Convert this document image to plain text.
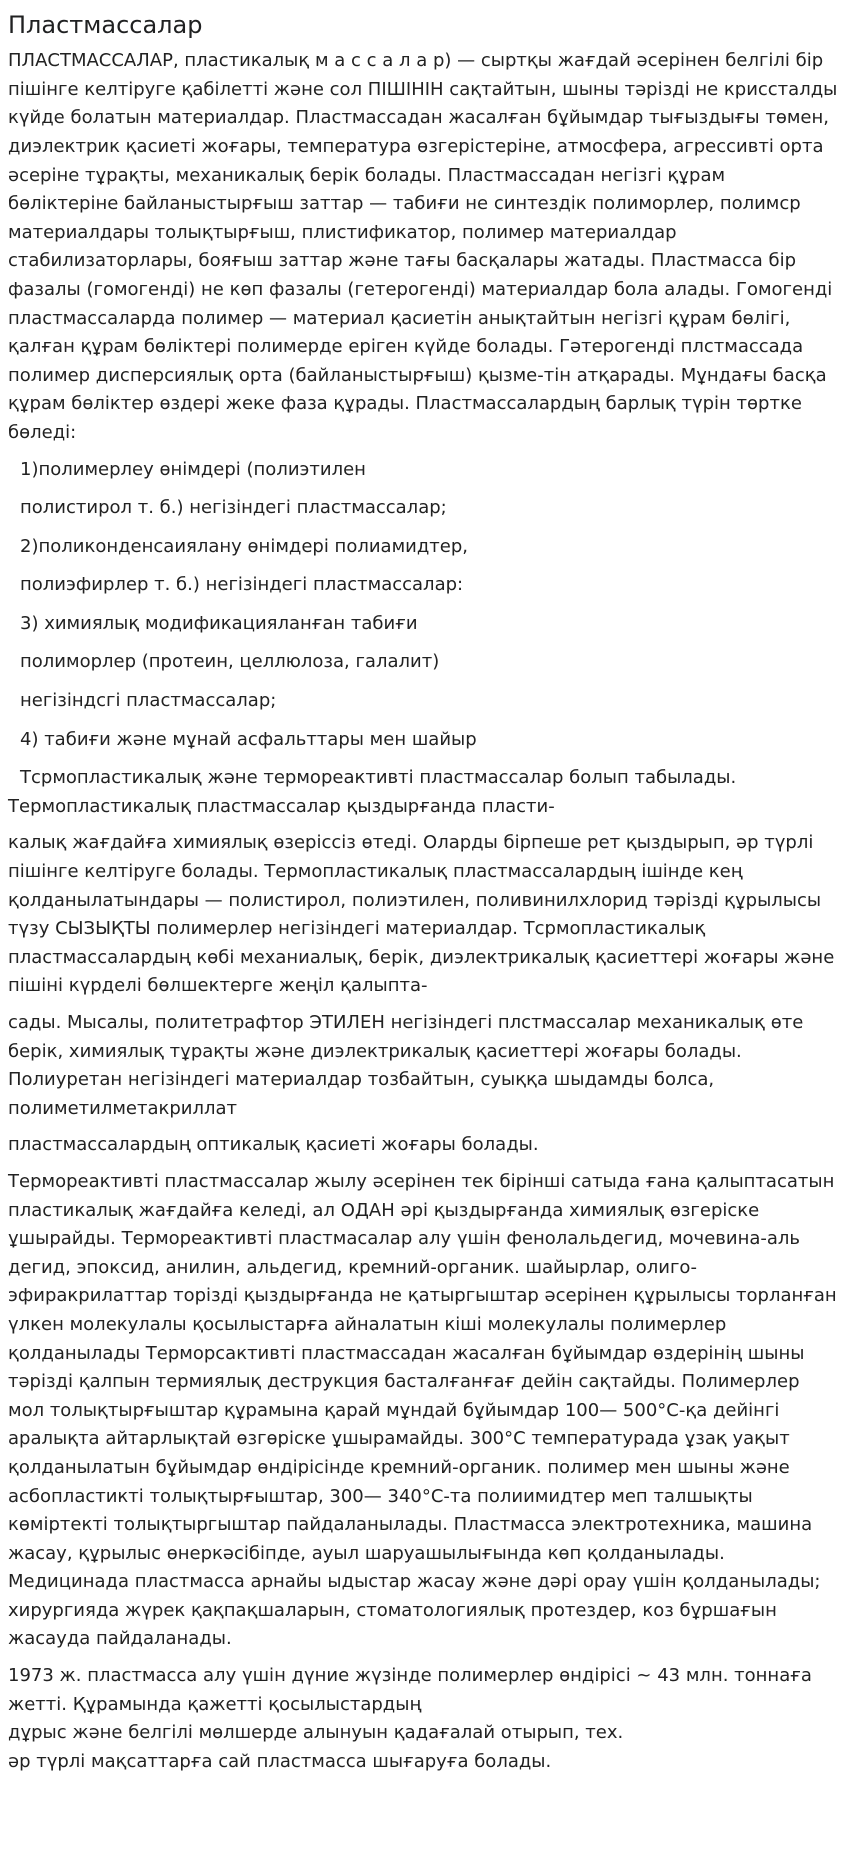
Пластмассалар

ПЛАСТМАССАЛАР, пластикалық м а с с а л а р) — сыртқы жағдай әсерінен белгілі бір пішінге келтіруге қабілетті және сол ПІШІНІН сақтайтын, шыны тәрізді не криссталды күйде болатын материалдар. Пластмассадан жасалған бұйымдар тығыздығы төмен, диэлектрик қасиеті жоғары, температура өзгерістеріне, атмосфера, агрессивті орта әсеріне тұрақты, механикалық берік болады. Пластмассадан негізгі құрам бөліктеріне байланыстырғыш заттар — табиғи не синтездік полиморлер, полимср материалдары толықтырғыш, плистификатор, полимер материалдар стабилизаторлары, бояғыш заттар және тағы басқалары жатады. Пластмасса бір фазалы (гомогенді) не көп фазалы (гетерогенді) материалдар бола алады. Гомогенді пластмассаларда полимер — материал қасиетін анықтайтын негізгі құрам бөлігі, қалған құрам бөліктері полимерде еріген күйде болады. Гәтерогенді плстмассада полимер дисперсиялық орта (байланыстырғыш) қызме-тін атқарады. Мұндағы басқа құрам бөліктер өздері жеке фаза құрады. Пластмассалардың барлық түрін төртке бөледі:

1)полимерлеу өнімдері (полиэтилен

полистирол т. б.) негізіндегі пластмассалар;

2)поликонденсаиялану өнімдері полиамидтер,

полиэфирлер т. б.) негізіндегі пластмассалар:

3) химиялық модификацияланған табиғи

полиморлер (протеин, целлюлоза, галалит)

негізіндсгі пластмассалар;

4) табиғи және мұнай асфальттары мен шайыр

Тсрмопластикалық және термореактивті пластмассалар болып табылады. Термопластикалық пластмассалар қыздырғанда пласти-

калық жағдайға химиялық өзеріссіз өтеді. Оларды бірпеше рет қыздырып, әр түрлі пішінге келтіруге болады. Термопластикалық пластмассалардың ішінде кең қолданылатындары — полистирол, полиэтилен, поливинилхлорид тәрізді құрылысы түзу СЫЗЫҚТЫ полимерлер негізіндегі материалдар. Тсрмопластикалық пластмассалардың көбі механиалық, берік, диэлектрикалық қасиеттері жоғары және пішіні күрделі бөлшектерге жеңіл қалыпта-

сады. Мысалы, политетрафтор ЭТИЛЕН негізіндегі плстмассалар механикалық өте берік, химиялық тұрақты және диэлектрикалық қасиеттері жоғары болады. Полиуретан негізіндегі материалдар тозбайтын, суыққа шыдамды болса, полиметилметакриллат

пластмассалардың оптикалық қасиеті жоғары болады.

Термореактивті пластмассалар жылу әсерінен тек бірінші сатыда ғана қалыптасатын пластикалық жағдайға келеді, ал ОДАН әрі қыздырғанда химиялық өзгеріске ұшырайды. Термореактивті пластмасалар алу үшін фенолальдегид, мочевина-аль дегид, эпоксид, анилин, альдегид, кремний-органик. шайырлар, олиго-эфиракрилаттар торізді қыздырғанда не қатыргыштар әсерінен құрылысы торланған үлкен молекулалы қосылыстарға айналатын кіші молекулалы полимерлер қолданылады Терморсактивті пластмассадан жасалған бұйымдар өздерінің шыны тәрізді қалпын термиялық деструкция басталғанғағ дейін сақтайды. Полимерлер мол толықтырғыштар құрамына қарай мұндай бұйымдар 100— 500°С-қа дейінгі аралықта айтарлықтай өзгөріске ұшырамайды. 300°С температурада ұзақ уақыт қолданылатын бұйымдар өндірісінде кремний-органик. полимер мен шыны және асбопластикті толықтырғыштар, 300— 340°С-та полиимидтер меп талшықты көміртекті толықтыргыштар пайдаланылады. Пластмасса электротехника, машина жасау, құрылыс өнеркәсібіпде, ауыл шаруашылығында көп қолданылады. Медицинада пластмасса арнайы ыдыстар жасау және дәрі орау үшін қолданылады; хирургияда жүрек қақпақшаларын, стоматологиялық протездер, коз бұршағын жасауда пайдаланады.

1973 ж. пластмасса алу үшін дүние жүзінде полимерлер өндірісі ~ 43 млн. тоннаға жетті. Құрамында қажетті қосылыстардың

дұрыс және белгілі мөлшерде алынуын қадағалай отырып, тех.

әр түрлі мақсаттарға сай пластмасса шығаруға болады.
